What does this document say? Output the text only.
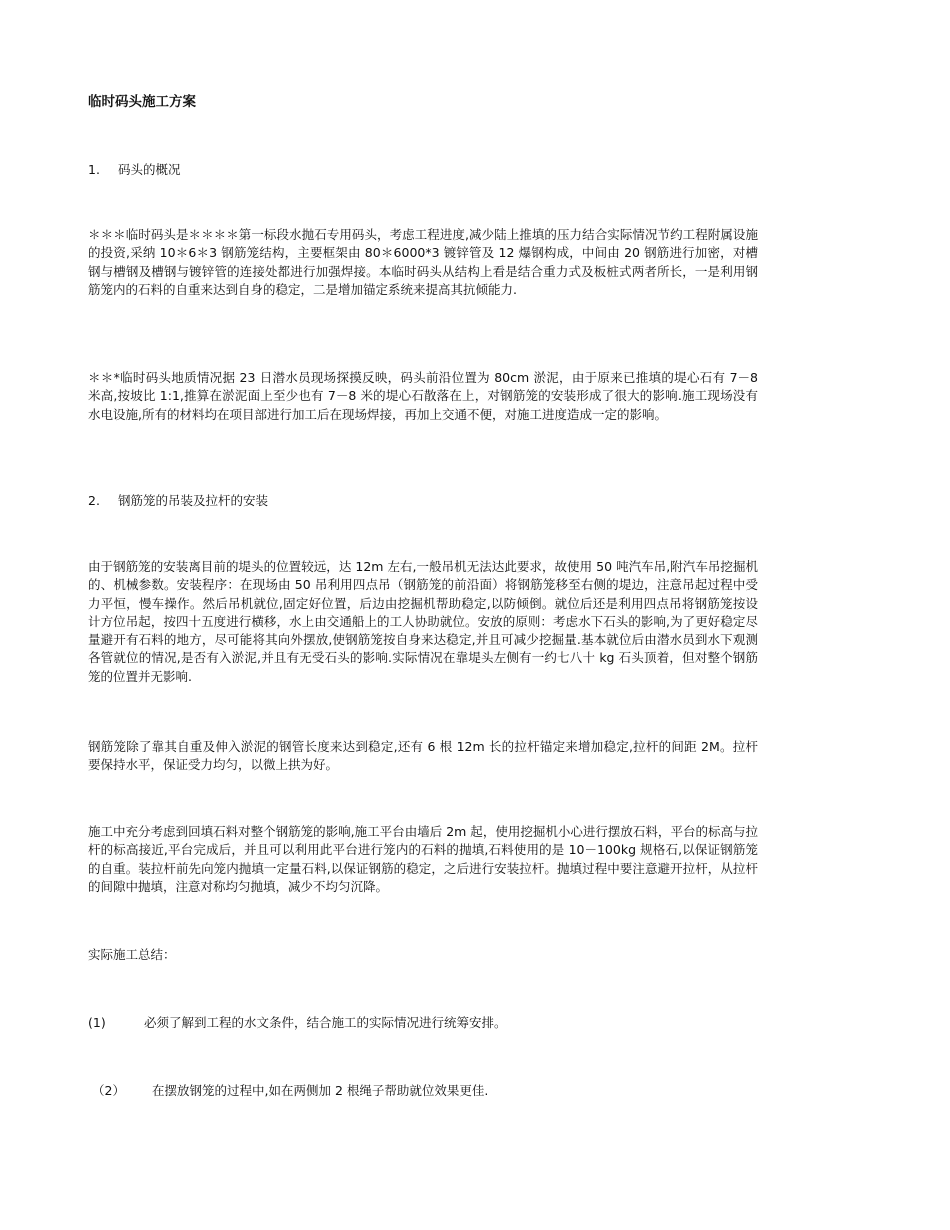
临时码头施工方案
1. 码头的概况
＊＊＊临时码头是＊＊＊＊第一标段水抛石专用码头，考虑工程进度,减少陆上推填的压力结合实际情况节约工程附属设施的投资,采纳 10＊6＊3 钢筋笼结构，主要框架由 80＊6000*3 镀锌管及 12 爆钢构成，中间由 20 钢筋进行加密，对槽钢与槽钢及槽钢与镀锌管的连接处都进行加强焊接。本临时码头从结构上看是结合重力式及板桩式两者所长，一是利用钢筋笼内的石料的自重来达到自身的稳定，二是增加锚定系统来提高其抗倾能力.
＊＊*临时码头地质情况据 23 日潜水员现场探摸反映，码头前沿位置为 80cm 淤泥，由于原来已推填的堤心石有 7－8 米高,按坡比 1:1,推算在淤泥面上至少也有 7－8 米的堤心石散落在上，对钢筋笼的安装形成了很大的影响.施工现场没有水电设施,所有的材料均在项目部进行加工后在现场焊接，再加上交通不便，对施工进度造成一定的影响。
2. 钢筋笼的吊装及拉杆的安装
由于钢筋笼的安装离目前的堤头的位置较远，达 12m 左右,一般吊机无法达此要求，故使用 50 吨汽车吊,附汽车吊挖掘机的、机械参数。安装程序：在现场由 50 吊利用四点吊（钢筋笼的前沿面）将钢筋笼移至右侧的堤边，注意吊起过程中受力平恒，慢车操作。然后吊机就位,固定好位置，后边由挖掘机帮助稳定,以防倾倒。就位后还是利用四点吊将钢筋笼按设计方位吊起，按四十五度进行横移，水上由交通船上的工人协助就位。安放的原则：考虑水下石头的影响,为了更好稳定尽量避开有石料的地方，尽可能将其向外摆放,使钢筋笼按自身来达稳定,并且可减少挖掘量.基本就位后由潜水员到水下观测各管就位的情况,是否有入淤泥,并且有无受石头的影响.实际情况在靠堤头左侧有一约七八十 kg 石头顶着，但对整个钢筋笼的位置并无影响.
钢筋笼除了靠其自重及伸入淤泥的钢管长度来达到稳定,还有 6 根 12m 长的拉杆锚定来增加稳定,拉杆的间距 2M。拉杆要保持水平，保证受力均匀，以微上拱为好。
施工中充分考虑到回填石料对整个钢筋笼的影响,施工平台由墙后 2m 起，使用挖掘机小心进行摆放石料，平台的标高与拉杆的标高接近,平台完成后，并且可以利用此平台进行笼内的石料的抛填,石料使用的是 10－100kg 规格石,以保证钢筋笼的自重。装拉杆前先向笼内抛填一定量石料,以保证钢筋的稳定，之后进行安装拉杆。抛填过程中要注意避开拉杆，从拉杆的间隙中抛填，注意对称均匀抛填，减少不均匀沉降。
实际施工总结：
(1)	必须了解到工程的水文条件，结合施工的实际情况进行统筹安排。
（2） 在摆放钢笼的过程中,如在两侧加 2 根绳子帮助就位效果更佳.
